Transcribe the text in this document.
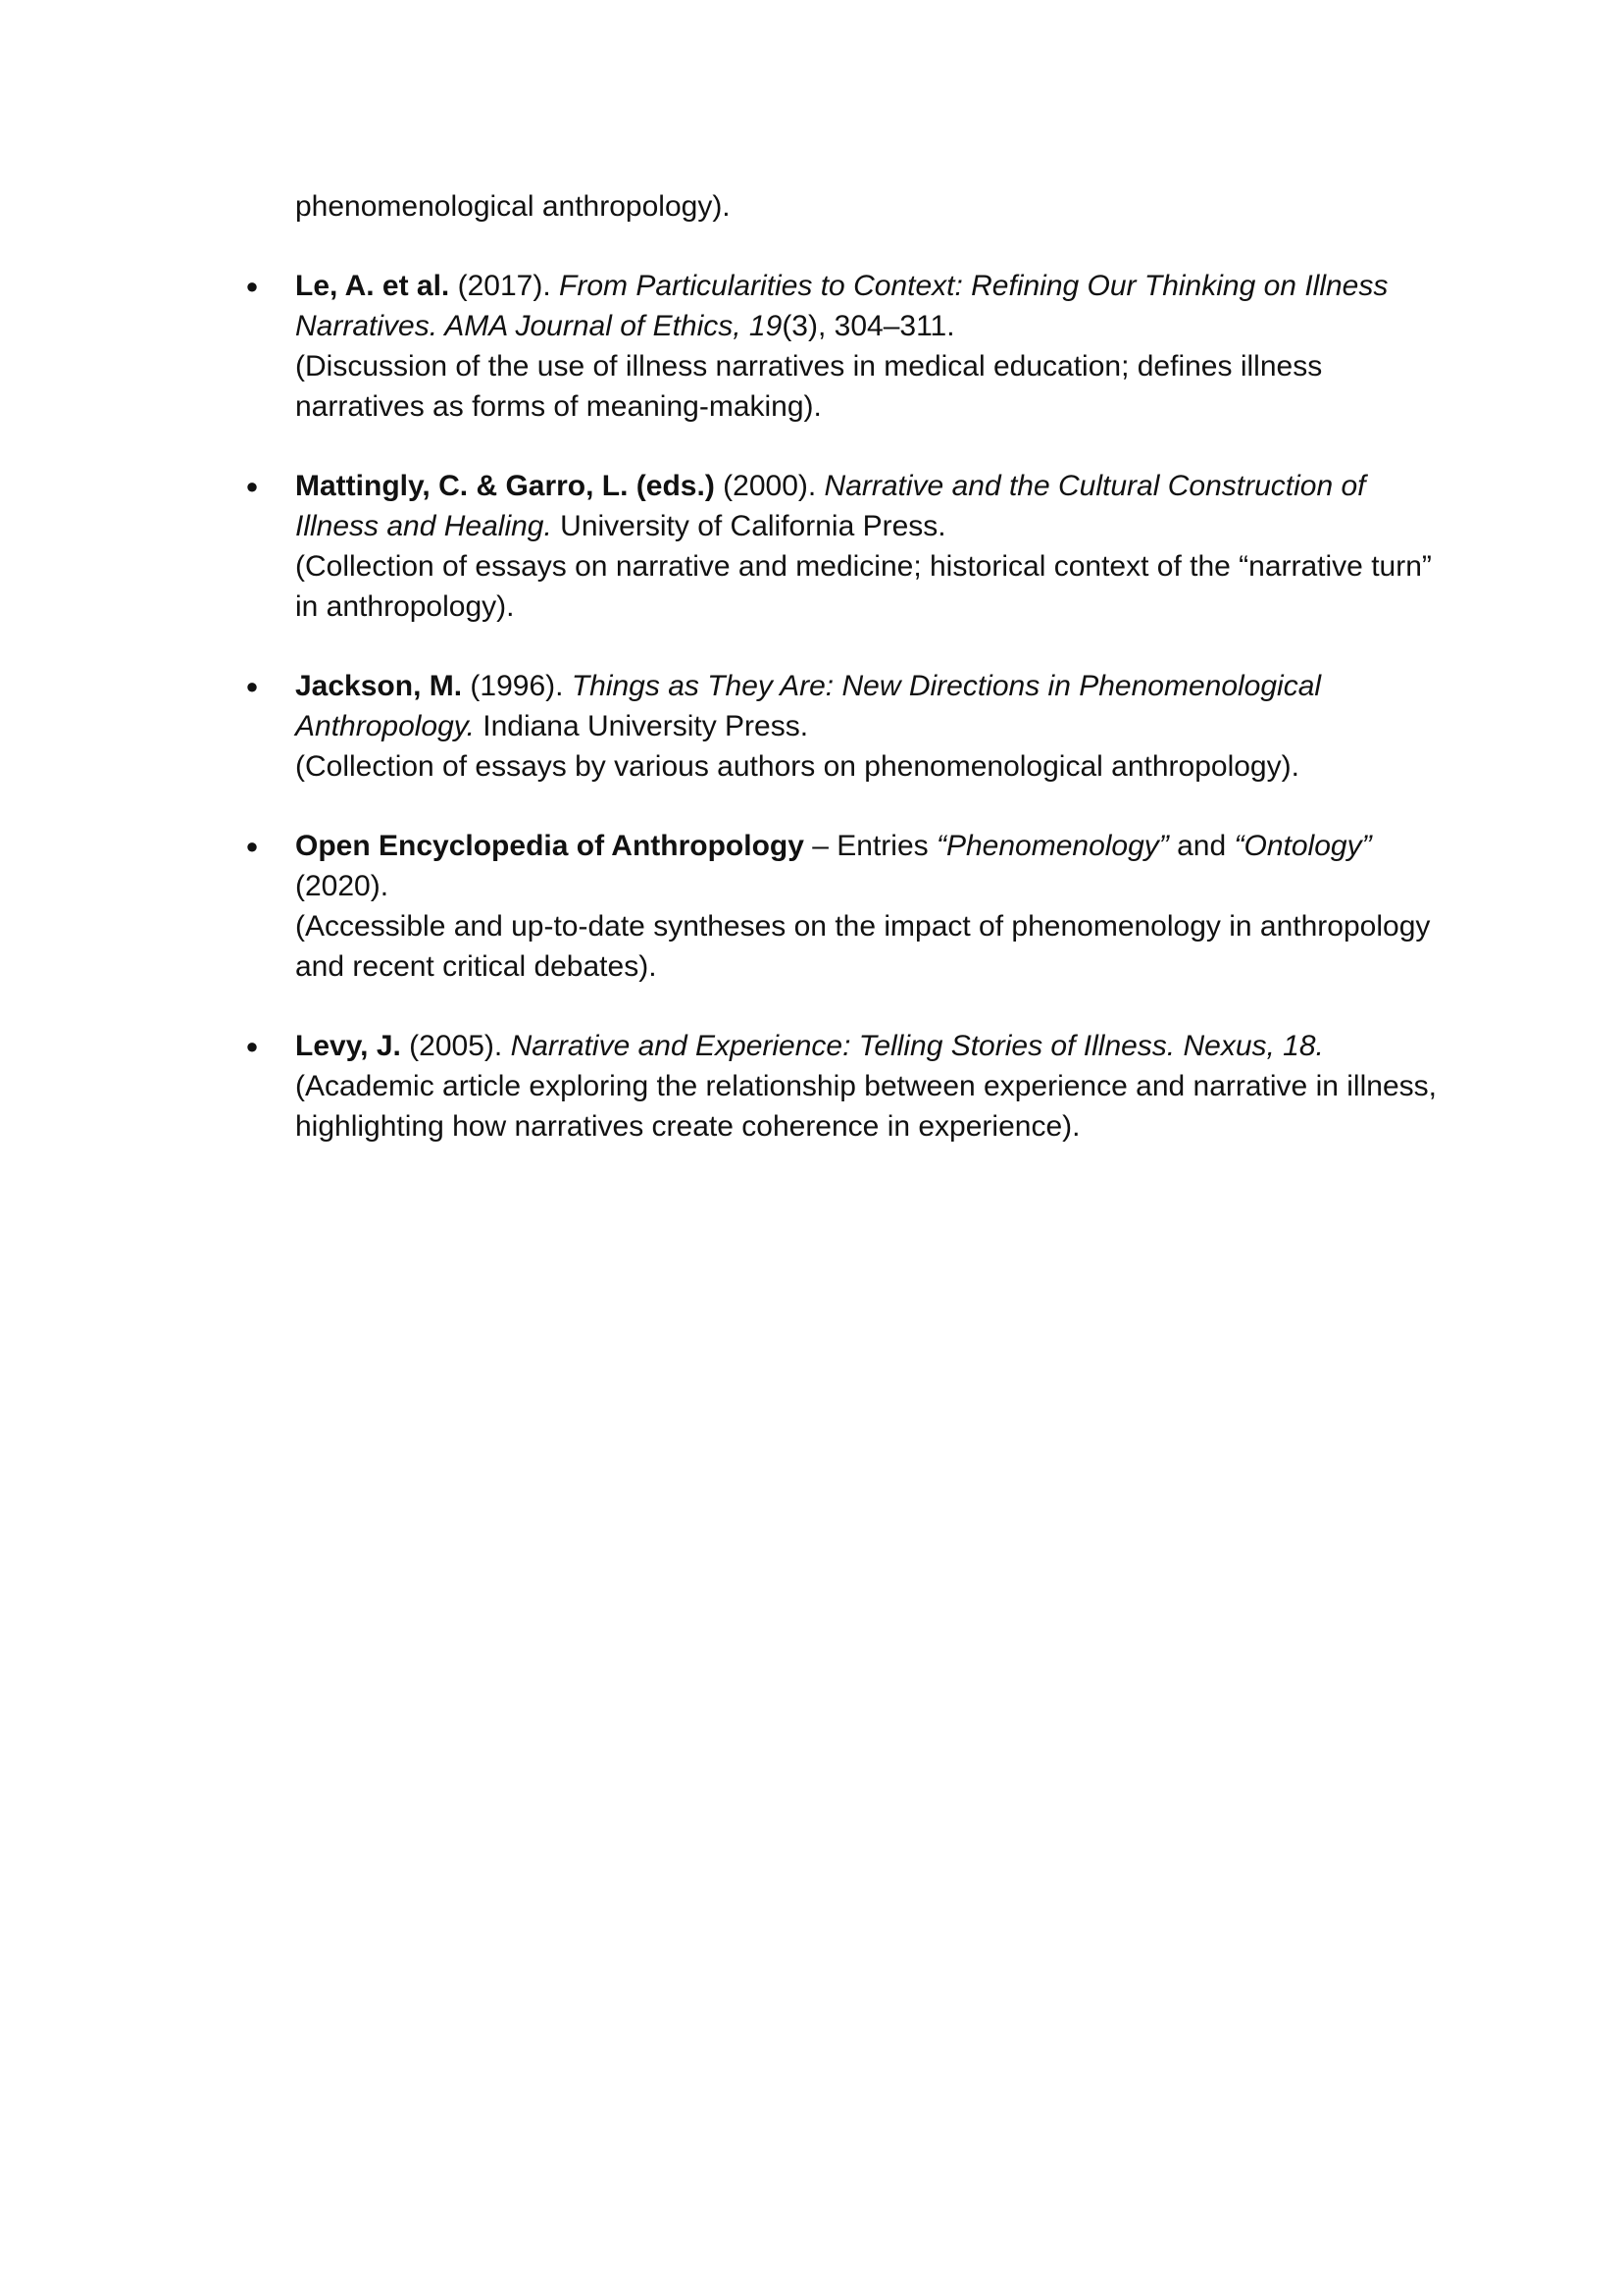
phenomenological anthropology).
● Le, A. et al. (2017). From Particularities to Context: Refining Our Thinking on Illness Narratives. AMA Journal of Ethics, 19(3), 304–311.
(Discussion of the use of illness narratives in medical education; defines illness narratives as forms of meaning-making).
● Mattingly, C. & Garro, L. (eds.) (2000). Narrative and the Cultural Construction of Illness and Healing. University of California Press.
(Collection of essays on narrative and medicine; historical context of the “narrative turn” in anthropology).
● Jackson, M. (1996). Things as They Are: New Directions in Phenomenological Anthropology. Indiana University Press.
(Collection of essays by various authors on phenomenological anthropology).
● Open Encyclopedia of Anthropology – Entries “Phenomenology” and “Ontology” (2020).
(Accessible and up-to-date syntheses on the impact of phenomenology in anthropology and recent critical debates).
● Levy, J. (2005). Narrative and Experience: Telling Stories of Illness. Nexus, 18.
(Academic article exploring the relationship between experience and narrative in illness, highlighting how narratives create coherence in experience).
